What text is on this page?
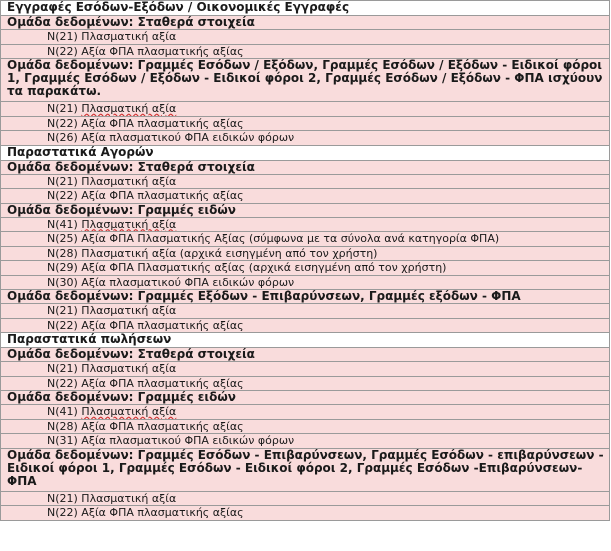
Εγγραφές Εσόδων-Εξόδων / Οικονομικές Εγγραφές
Ομάδα δεδομένων: Σταθερά στοιχεία
N(21) Πλασματική αξία
N(22) Αξία ΦΠΑ πλασματικής αξίας
Ομάδα δεδομένων: Γραμμές Εσόδων / Εξόδων, Γραμμές Εσόδων / Εξόδων - Ειδικοί φόροι 1, Γραμμές Εσόδων / Εξόδων - Ειδικοί φόροι 2, Γραμμές Εσόδων / Εξόδων - ΦΠΑ ισχύουν τα παρακάτω.
N(21) Πλασματική αξία
N(22) Αξία ΦΠΑ πλασματικής αξίας
N(26) Αξία πλασματικού ΦΠΑ ειδικών φόρων
Παραστατικά Αγορών
Ομάδα δεδομένων: Σταθερά στοιχεία
N(21) Πλασματική αξία
N(22) Αξία ΦΠΑ πλασματικής αξίας
Ομάδα δεδομένων: Γραμμές ειδών
N(41) Πλασματική αξία
N(25) Αξία ΦΠΑ Πλασματικής Αξίας (σύμφωνα με τα σύνολα ανά κατηγορία ΦΠΑ)
N(28) Πλασματική αξία (αρχικά εισηγμένη από τον χρήστη)
N(29) Αξία ΦΠΑ Πλασματικής αξίας (αρχικά εισηγμένη από τον χρήστη)
N(30) Αξία πλασματικού ΦΠΑ ειδικών φόρων
Ομάδα δεδομένων: Γραμμές Εξόδων - Επιβαρύνσεων, Γραμμές εξόδων - ΦΠΑ
N(21) Πλασματική αξία
N(22) Αξία ΦΠΑ πλασματικής αξίας
Παραστατικά πωλήσεων
Ομάδα δεδομένων: Σταθερά στοιχεία
N(21) Πλασματική αξία
N(22) Αξία ΦΠΑ πλασματικής αξίας
Ομάδα δεδομένων: Γραμμές ειδών
N(41) Πλασματική αξία
N(28) Αξία ΦΠΑ πλασματικής αξίας
N(31) Αξία πλασματικού ΦΠΑ ειδικών φόρων
Ομάδα δεδομένων: Γραμμές Εσόδων - Επιβαρύνσεων, Γραμμές Εσόδων - επιβαρύνσεων - Ειδικοί φόροι 1, Γραμμές Εσόδων - Ειδικοί φόροι 2, Γραμμές Εσόδων -Επιβαρύνσεων- ΦΠΑ
N(21) Πλασματική αξία
N(22) Αξία ΦΠΑ πλασματικής αξίας
